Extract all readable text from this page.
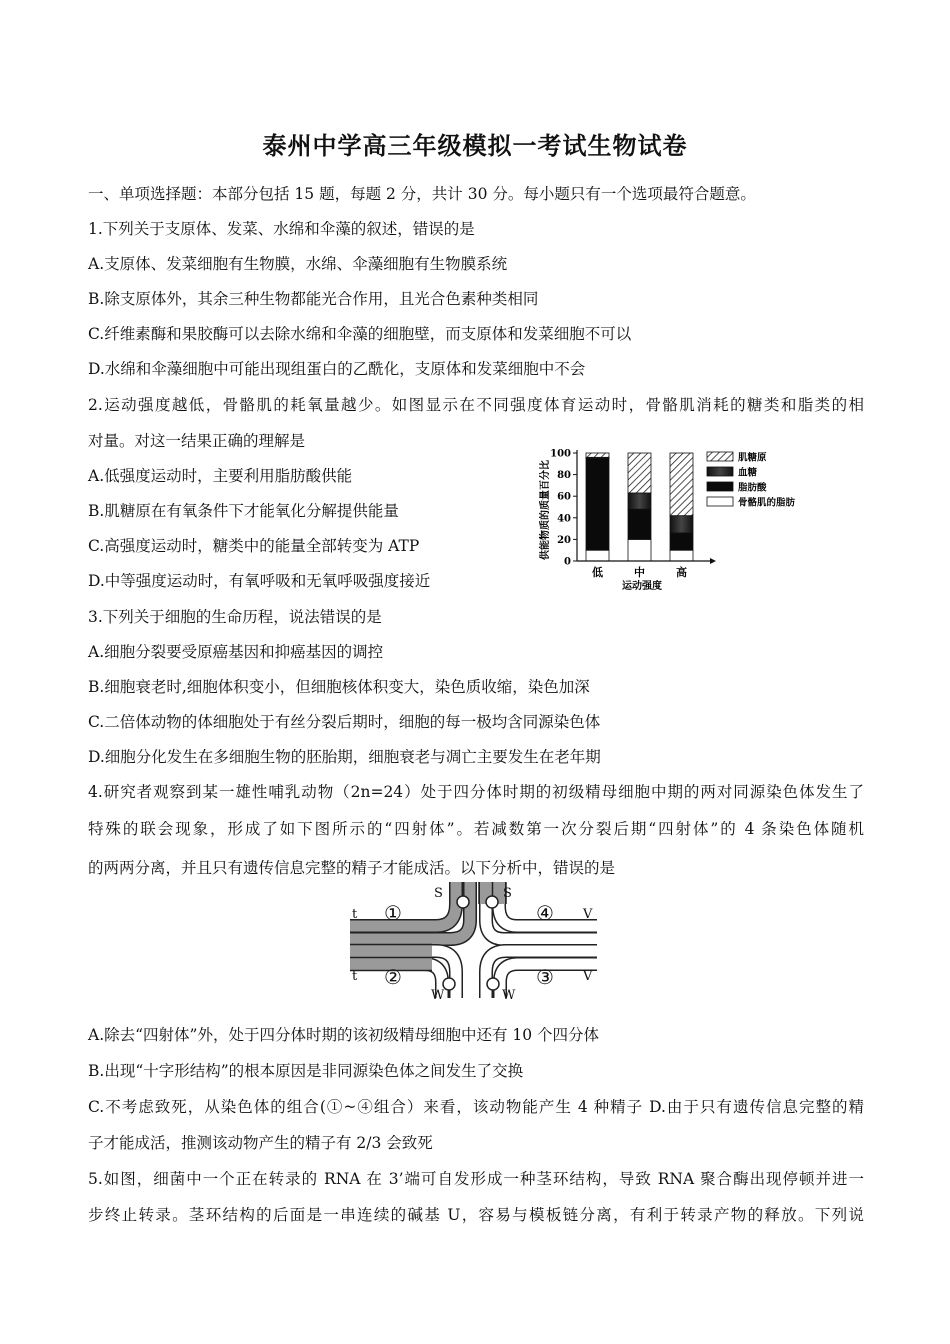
泰州中学高三年级模拟一考试生物试卷
一、单项选择题：本部分包括 15 题，每题 2 分，共计 30 分。每小题只有一个选项最符合题意。
1.下列关于支原体、发菜、水绵和伞藻的叙述，错误的是
A.支原体、发菜细胞有生物膜，水绵、伞藻细胞有生物膜系统
B.除支原体外，其余三种生物都能光合作用，且光合色素种类相同
C.纤维素酶和果胶酶可以去除水绵和伞藻的细胞壁，而支原体和发菜细胞不可以
D.水绵和伞藻细胞中可能出现组蛋白的乙酰化，支原体和发菜细胞中不会
2.运动强度越低，骨骼肌的耗氧量越少。如图显示在不同强度体育运动时，骨骼肌消耗的糖类和脂类的相
对量。对这一结果正确的理解是
A.低强度运动时，主要利用脂肪酸供能
B.肌糖原在有氧条件下才能氧化分解提供能量
C.高强度运动时，糖类中的能量全部转变为 ATP
D.中等强度运动时，有氧呼吸和无氧呼吸强度接近
供能物质的质量百分比
0
20
40
60
80
100
低	中	高
运动强度
肌糖原
血糖
脂肪酸
骨骼肌的脂肪
3.下列关于细胞的生命历程，说法错误的是
A.细胞分裂要受原癌基因和抑癌基因的调控
B.细胞衰老时,细胞体积变小，但细胞核体积变大，染色质收缩，染色加深
C.二倍体动物的体细胞处于有丝分裂后期时，细胞的每一极均含同源染色体
D.细胞分化发生在多细胞生物的胚胎期，细胞衰老与凋亡主要发生在老年期
4.研究者观察到某一雄性哺乳动物（2n=24）处于四分体时期的初级精母细胞中期的两对同源染色体发生了
特殊的联会现象，形成了如下图所示的“四射体”。若减数第一次分裂后期“四射体”的 4 条染色体随机
的两两分离，并且只有遗传信息完整的精子才能成活。以下分析中，错误的是
t
t
S	S
W	W
V
V
①
②	③
④
A.除去“四射体”外，处于四分体时期的该初级精母细胞中还有 10 个四分体
B.出现“十字形结构”的根本原因是非同源染色体之间发生了交换
C.不考虑致死，从染色体的组合(①~④组合）来看，该动物能产生 4 种精子 D.由于只有遗传信息完整的精
子才能成活，推测该动物产生的精子有 2/3 会致死
5.如图，细菌中一个正在转录的 RNA 在 3’端可自发形成一种茎环结构，导致 RNA 聚合酶出现停顿并进一
步终止转录。茎环结构的后面是一串连续的碱基 U，容易与模板链分离，有利于转录产物的释放。下列说
